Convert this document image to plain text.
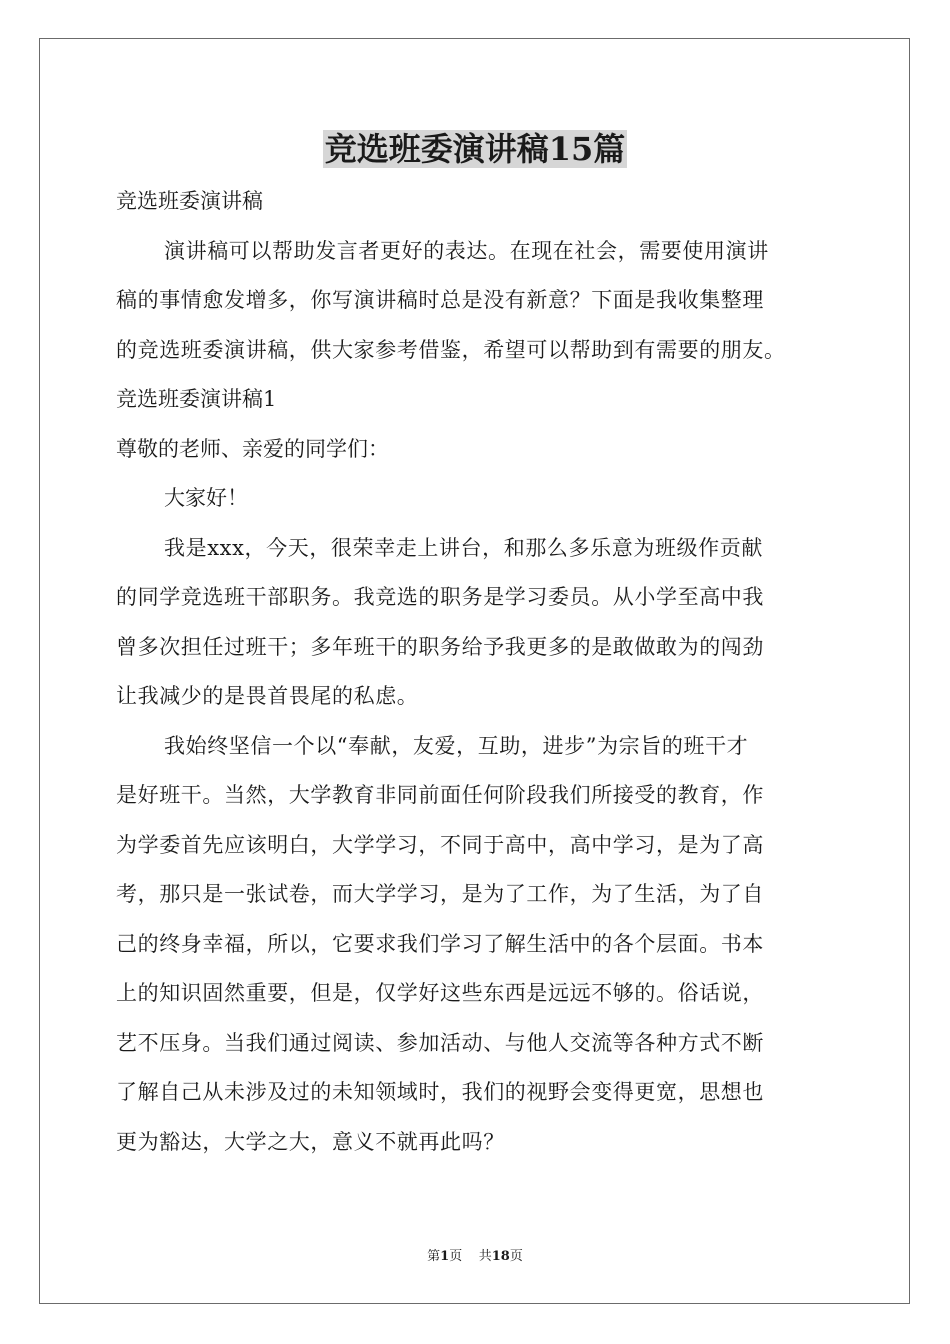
竞选班委演讲稿15篇
竞选班委演讲稿
演讲稿可以帮助发言者更好的表达。在现在社会，需要使用演讲
稿的事情愈发增多，你写演讲稿时总是没有新意？下面是我收集整理
的竞选班委演讲稿，供大家参考借鉴，希望可以帮助到有需要的朋友。
竞选班委演讲稿1
尊敬的老师、亲爱的同学们：
大家好！
我是xxx，今天，很荣幸走上讲台，和那么多乐意为班级作贡献
的同学竞选班干部职务。我竞选的职务是学习委员。从小学至高中我
曾多次担任过班干；多年班干的职务给予我更多的是敢做敢为的闯劲
让我减少的是畏首畏尾的私虑。
我始终坚信一个以“奉献，友爱，互助，进步”为宗旨的班干才
是好班干。当然，大学教育非同前面任何阶段我们所接受的教育，作
为学委首先应该明白，大学学习，不同于高中，高中学习，是为了高
考，那只是一张试卷，而大学学习，是为了工作，为了生活，为了自
己的终身幸福，所以，它要求我们学习了解生活中的各个层面。书本
上的知识固然重要，但是，仅学好这些东西是远远不够的。俗话说，
艺不压身。当我们通过阅读、参加活动、与他人交流等各种方式不断
了解自己从未涉及过的未知领域时，我们的视野会变得更宽，思想也
更为豁达，大学之大，意义不就再此吗？
第1页 共18页
